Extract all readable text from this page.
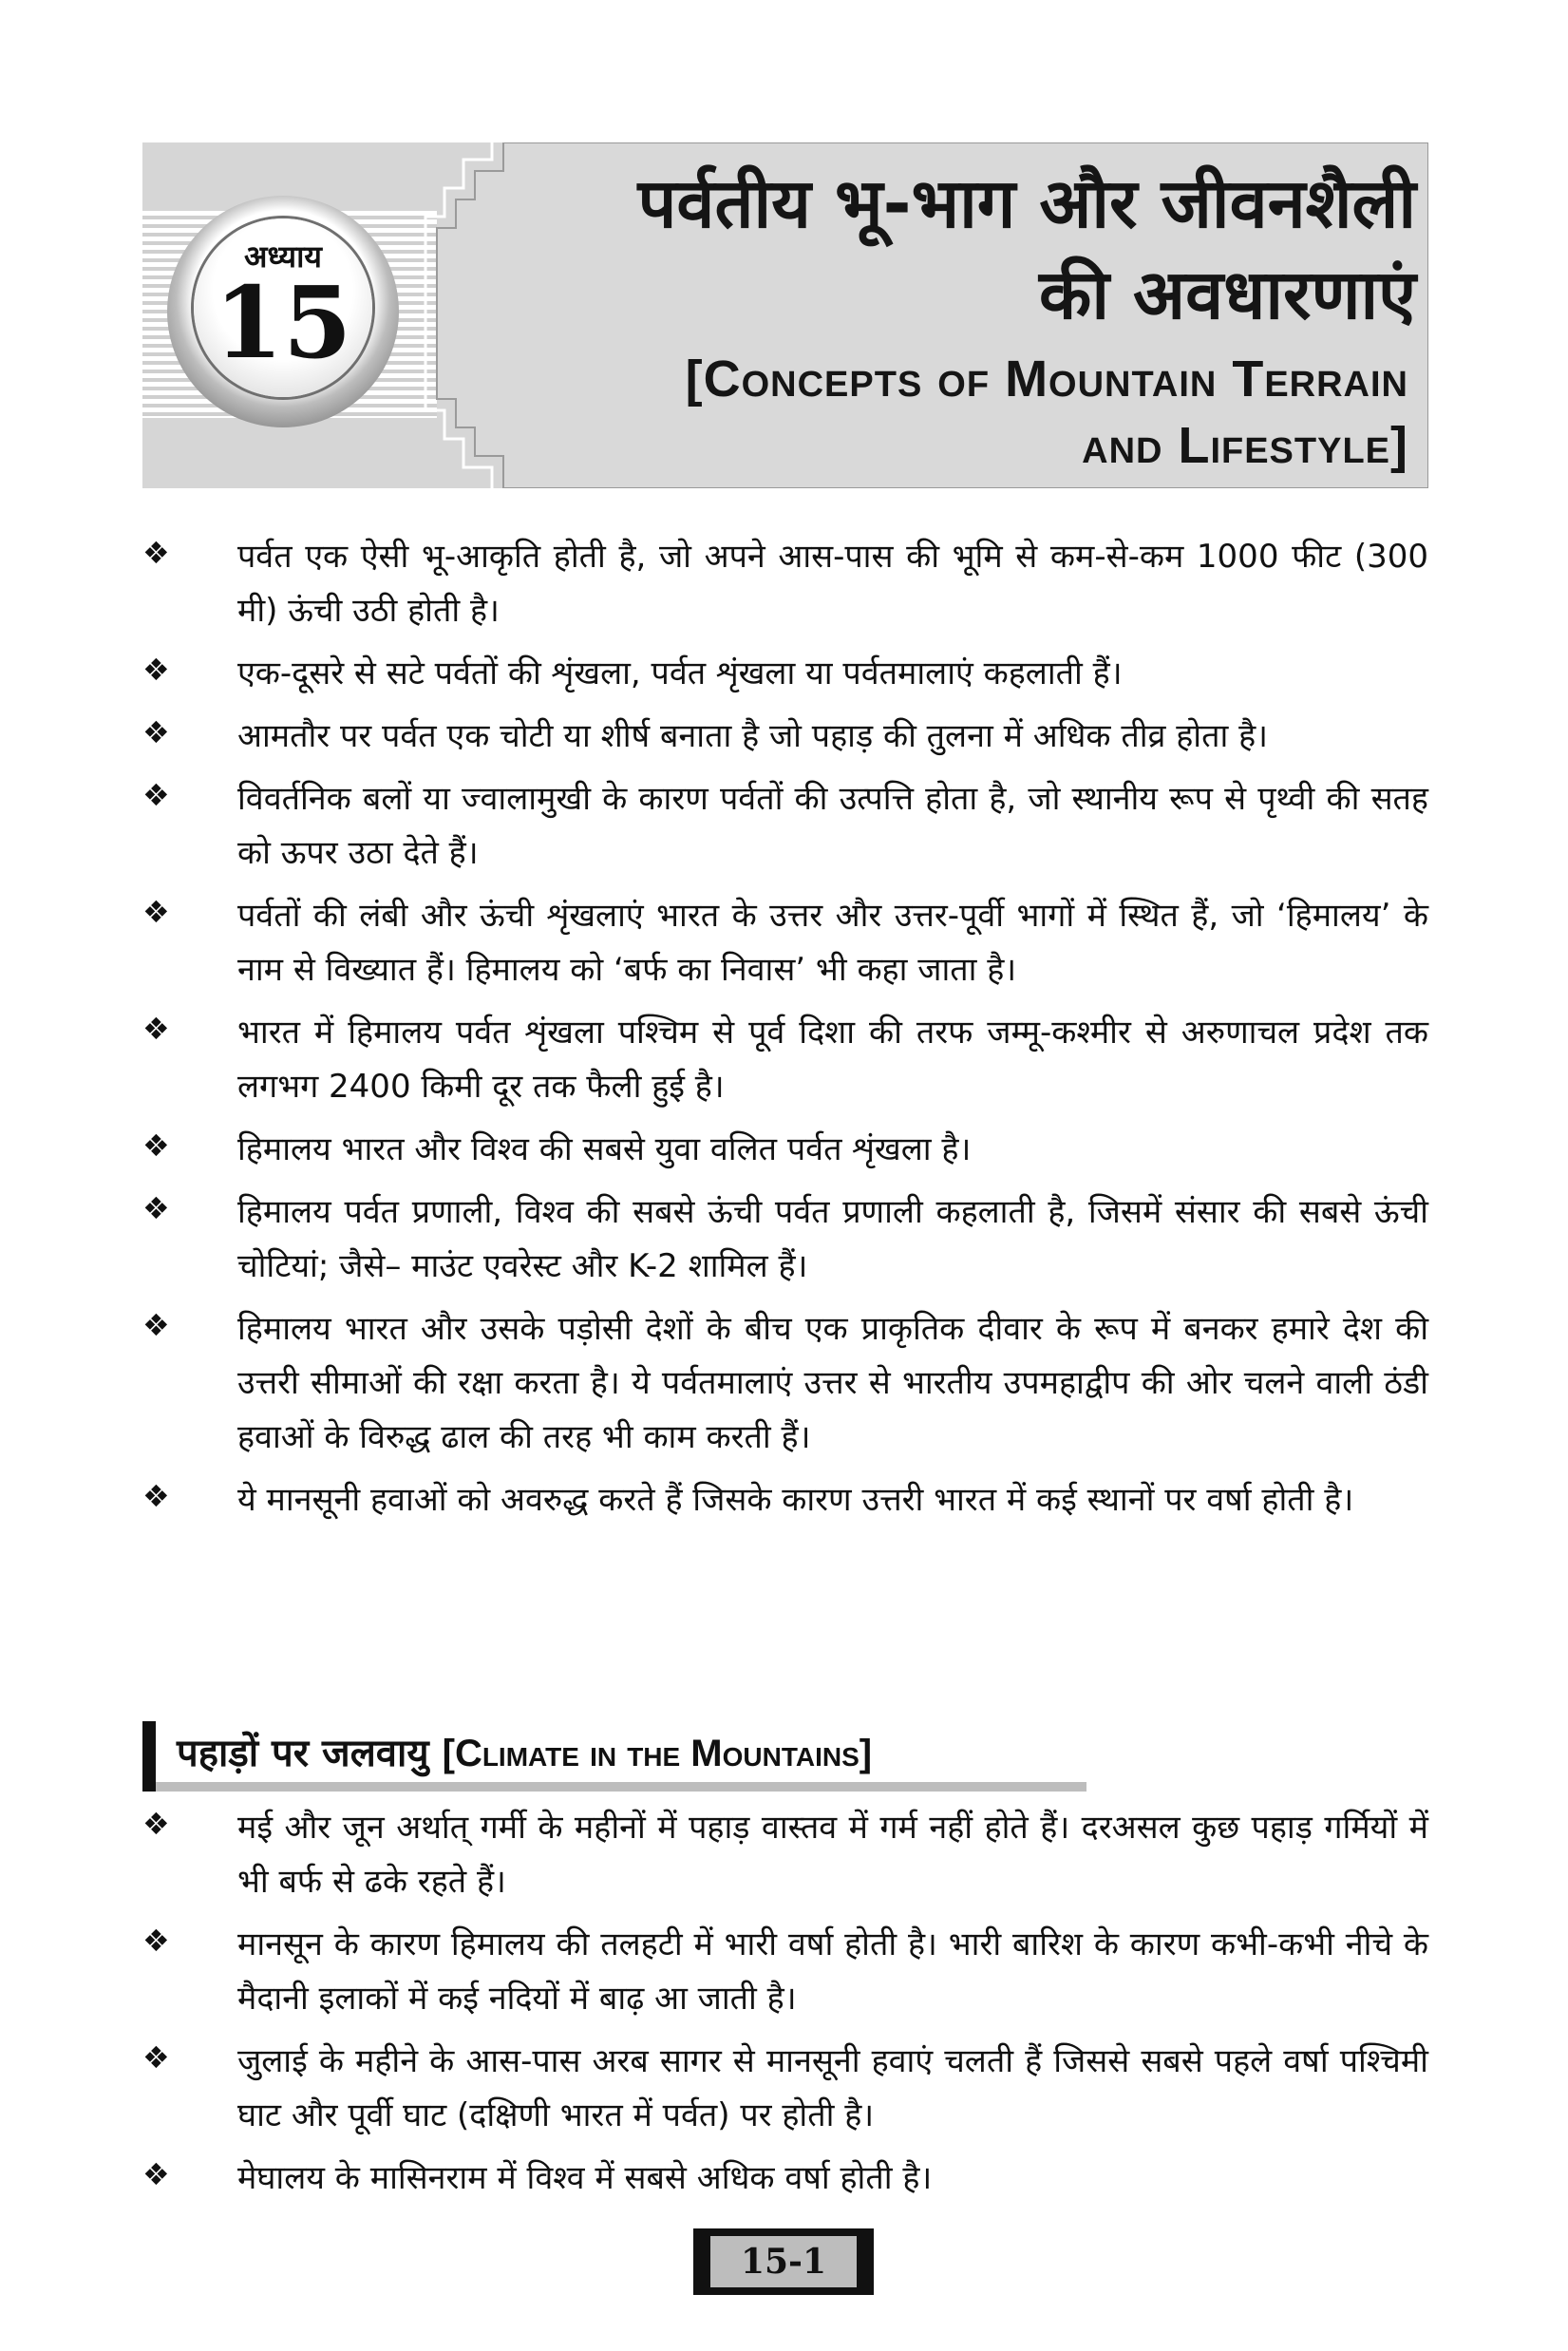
अध्याय
15
पर्वतीय भू-भाग और जीवनशैली
की अवधारणाएं
[Concepts of Mountain Terrain
and Lifestyle]
❖	पर्वत एक ऐसी भू-आकृति होती है, जो अपने आस-पास की भूमि से कम-से-कम 1000 फीट (300 मी) ऊंची उठी होती है।
❖	एक-दूसरे से सटे पर्वतों की शृंखला, पर्वत शृंखला या पर्वतमालाएं कहलाती हैं।
❖	आमतौर पर पर्वत एक चोटी या शीर्ष बनाता है जो पहाड़ की तुलना में अधिक तीव्र होता है।
❖	विवर्तनिक बलों या ज्वालामुखी के कारण पर्वतों की उत्पत्ति होता है, जो स्थानीय रूप से पृथ्वी की सतह को ऊपर उठा देते हैं।
❖	पर्वतों की लंबी और ऊंची शृंखलाएं भारत के उत्तर और उत्तर-पूर्वी भागों में स्थित हैं, जो ‘हिमालय’ के नाम से विख्यात हैं। हिमालय को ‘बर्फ का निवास’ भी कहा जाता है।
❖	भारत में हिमालय पर्वत शृंखला पश्चिम से पूर्व दिशा की तरफ जम्मू-कश्मीर से अरुणाचल प्रदेश तक लगभग 2400 किमी दूर तक फैली हुई है।
❖	हिमालय भारत और विश्व की सबसे युवा वलित पर्वत शृंखला है।
❖	हिमालय पर्वत प्रणाली, विश्व की सबसे ऊंची पर्वत प्रणाली कहलाती है, जिसमें संसार की सबसे ऊंची चोटियां; जैसे– माउंट एवरेस्ट और K-2 शामिल हैं।
❖	हिमालय भारत और उसके पड़ोसी देशों के बीच एक प्राकृतिक दीवार के रूप में बनकर हमारे देश की उत्तरी सीमाओं की रक्षा करता है। ये पर्वतमालाएं उत्तर से भारतीय उपमहाद्वीप की ओर चलने वाली ठंडी हवाओं के विरुद्ध ढाल की तरह भी काम करती हैं।
❖	ये मानसूनी हवाओं को अवरुद्ध करते हैं जिसके कारण उत्तरी भारत में कई स्थानों पर वर्षा होती है।
पहाड़ों पर जलवायु [Climate in the Mountains]
❖	मई और जून अर्थात् गर्मी के महीनों में पहाड़ वास्तव में गर्म नहीं होते हैं। दरअसल कुछ पहाड़ गर्मियों में भी बर्फ से ढके रहते हैं।
❖	मानसून के कारण हिमालय की तलहटी में भारी वर्षा होती है। भारी बारिश के कारण कभी-कभी नीचे के मैदानी इलाकों में कई नदियों में बाढ़ आ जाती है।
❖	जुलाई के महीने के आस-पास अरब सागर से मानसूनी हवाएं चलती हैं जिससे सबसे पहले वर्षा पश्चिमी घाट और पूर्वी घाट (दक्षिणी भारत में पर्वत) पर होती है।
❖	मेघालय के मासिनराम में विश्व में सबसे अधिक वर्षा होती है।
15-1
